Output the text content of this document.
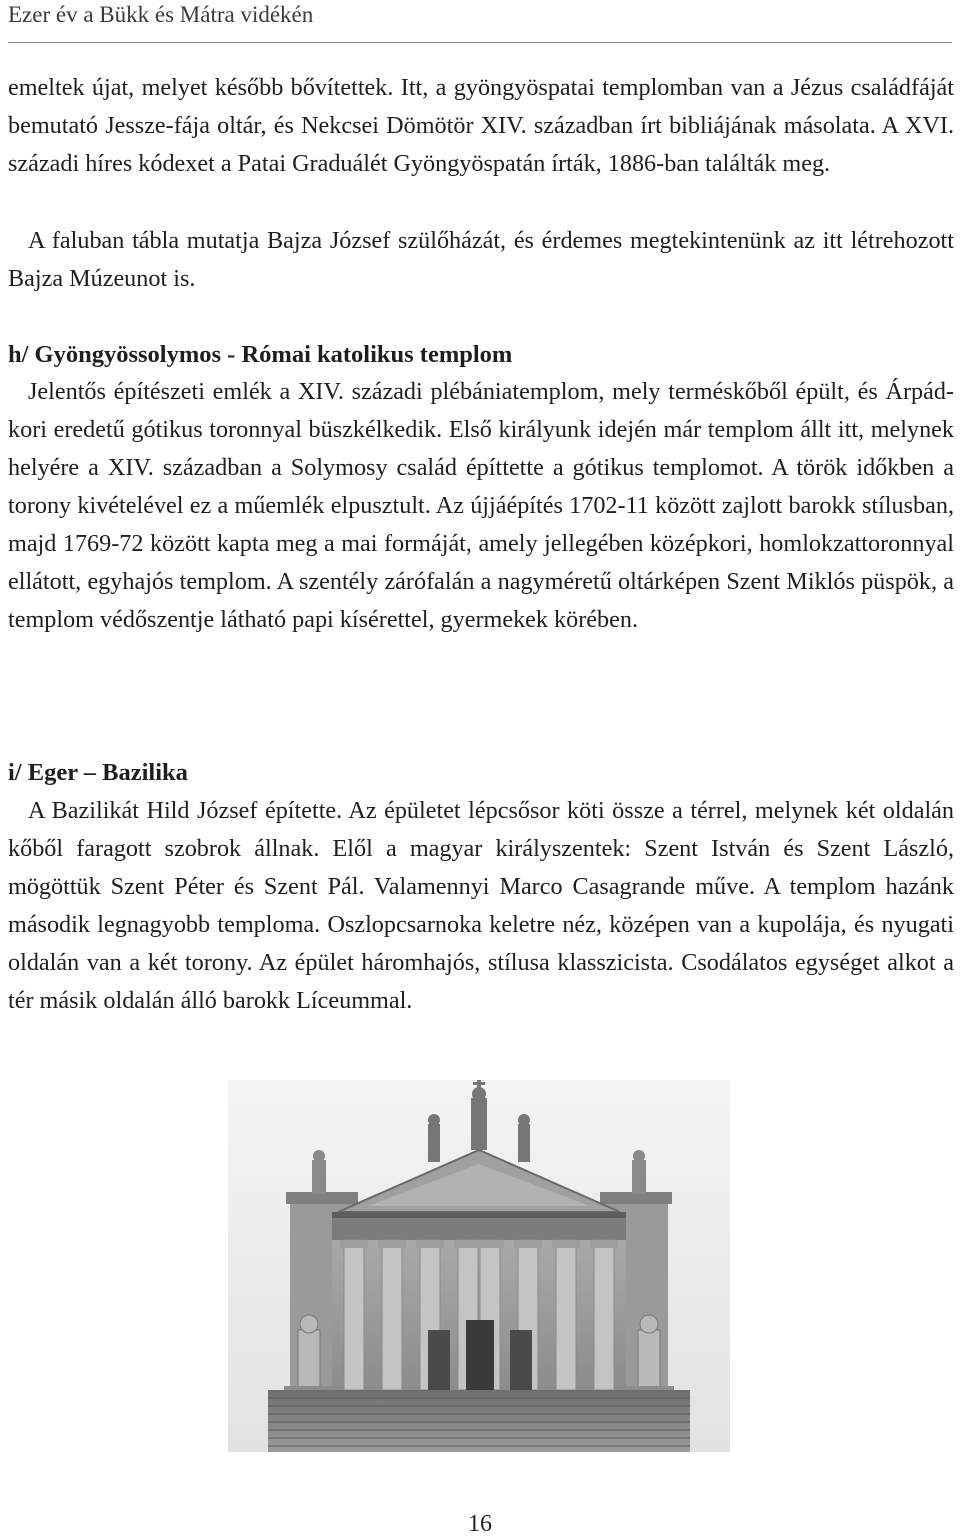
Ezer év a Bükk és Mátra vidékén

emeltek újat, melyet később bővítettek. Itt, a gyöngyöspatai templomban van a Jézus családfáját bemutató Jessze-fája oltár, és Nekcsei Dömötör XIV. században írt bibliájának másolata. A XVI. századi híres kódexet a Patai Graduálét Gyöngyöspatán írták, 1886-ban találták meg.

A faluban tábla mutatja Bajza József szülőházát, és érdemes megtekintenünk az itt létrehozott Bajza Múzeunot is.

h/ Gyöngyössolymos - Római katolikus templom

Jelentős építészeti emlék a XIV. századi plébániatemplom, mely terméskőből épült, és Árpád-kori eredetű gótikus toronnyal büszkélkedik. Első királyunk idején már templom állt itt, melynek helyére a XIV. században a Solymosy család építtette a gótikus templomot. A török időkben a torony kivételével ez a műemlék elpusztult. Az újjáépítés 1702-11 között zajlott barokk stílusban, majd 1769-72 között kapta meg a mai formáját, amely jellegében középkori, homlokzattoronnyal ellátott, egyhajós templom. A szentély zárófalán a nagyméretű oltárképen Szent Miklós püspök, a templom védőszentje látható papi kísérettel, gyermekek körében.

i/ Eger – Bazilika

A Bazilikát Hild József építette. Az épületet lépcsősor köti össze a térrel, melynek két oldalán kőből faragott szobrok állnak. Elől a magyar királyszentek: Szent István és Szent László, mögöttük Szent Péter és Szent Pál. Valamennyi Marco Casagrande műve. A templom hazánk második legnagyobb temploma. Oszlopcsarnoka keletre néz, középen van a kupolája, és nyugati oldalán van a két torony. Az épület háromhajós, stílusa klasszicista. Csodálatos egységet alkot a tér másik oldalán álló barokk Líceummal.

16
